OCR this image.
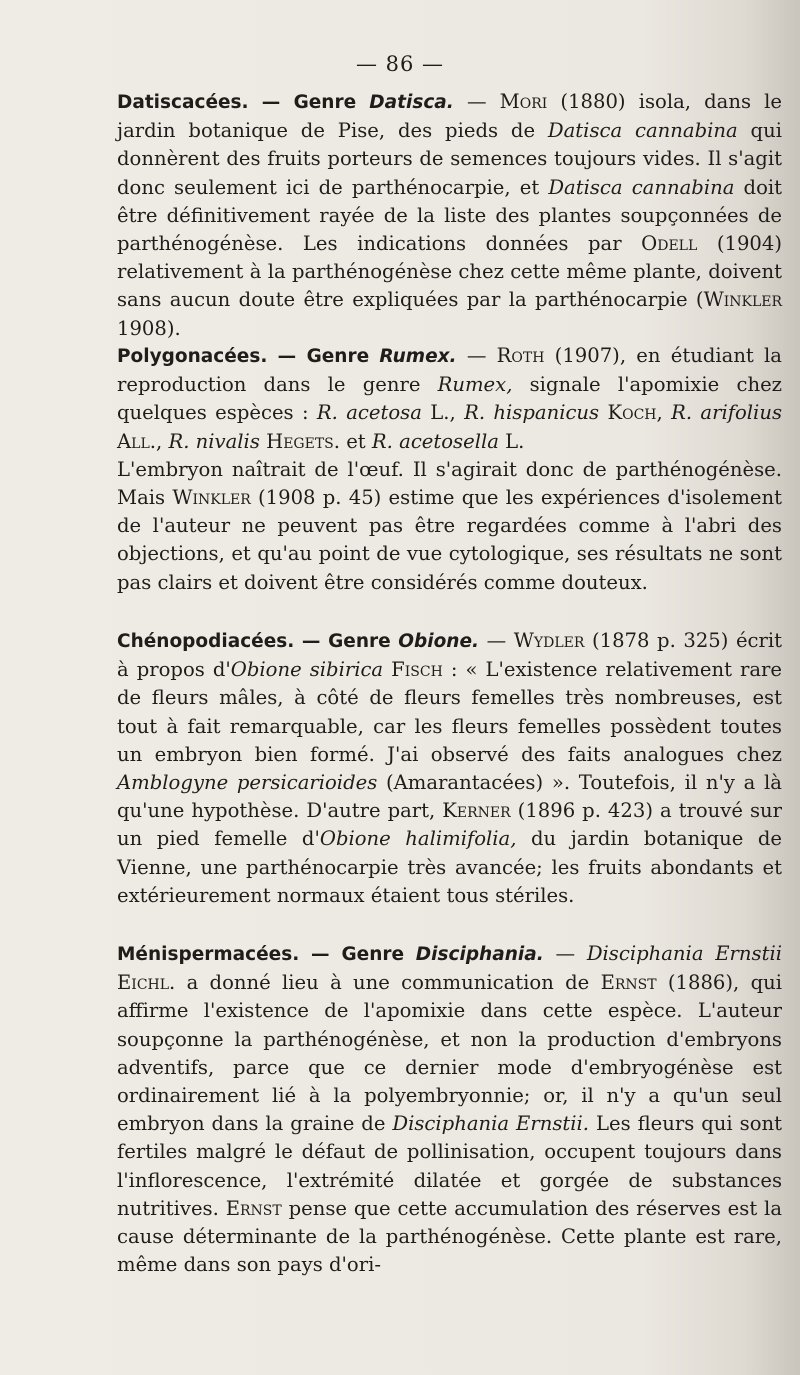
— 86 —

Datiscacées. — Genre Datisca. — Mori (1880) isola, dans le jardin botanique de Pise, des pieds de Datisca cannabina qui donnèrent des fruits porteurs de semences toujours vides. Il s'agit donc seulement ici de parthénocarpie, et Datisca cannabina doit être définitivement rayée de la liste des plantes soupçonnées de parthénogénèse. Les indications données par Odell (1904) relativement à la parthénogénèse chez cette même plante, doivent sans aucun doute être expliquées par la parthénocarpie (Winkler 1908).

Polygonacées. — Genre Rumex. — Roth (1907), en étudiant la reproduction dans le genre Rumex, signale l'apomixie chez quelques espèces : R. acetosa L., R. hispanicus Koch, R. arifolius All., R. nivalis Hegets. et R. acetosella L.

L'embryon naîtrait de l'œuf. Il s'agirait donc de parthénogénèse. Mais Winkler (1908 p. 45) estime que les expériences d'isolement de l'auteur ne peuvent pas être regardées comme à l'abri des objections, et qu'au point de vue cytologique, ses résultats ne sont pas clairs et doivent être considérés comme douteux.

Chénopodiacées. — Genre Obione. — Wydler (1878 p. 325) écrit à propos d'Obione sibirica Fisch : « L'existence relativement rare de fleurs mâles, à côté de fleurs femelles très nombreuses, est tout à fait remarquable, car les fleurs femelles possèdent toutes un embryon bien formé. J'ai observé des faits analogues chez Amblogyne persicarioides (Amarantacées) ». Toutefois, il n'y a là qu'une hypothèse. D'autre part, Kerner (1896 p. 423) a trouvé sur un pied femelle d'Obione halimifolia, du jardin botanique de Vienne, une parthénocarpie très avancée; les fruits abondants et extérieurement normaux étaient tous stériles.

Ménispermacées. — Genre Disciphania. — Disciphania Ernstii Eichl. a donné lieu à une communication de Ernst (1886), qui affirme l'existence de l'apomixie dans cette espèce. L'auteur soupçonne la parthénogénèse, et non la production d'embryons adventifs, parce que ce dernier mode d'embryogénèse est ordinairement lié à la polyembryonnie; or, il n'y a qu'un seul embryon dans la graine de Disciphania Ernstii. Les fleurs qui sont fertiles malgré le défaut de pollinisation, occupent toujours dans l'inflorescence, l'extrémité dilatée et gorgée de substances nutritives. Ernst pense que cette accumulation des réserves est la cause déterminante de la parthénogénèse. Cette plante est rare, même dans son pays d'ori-
